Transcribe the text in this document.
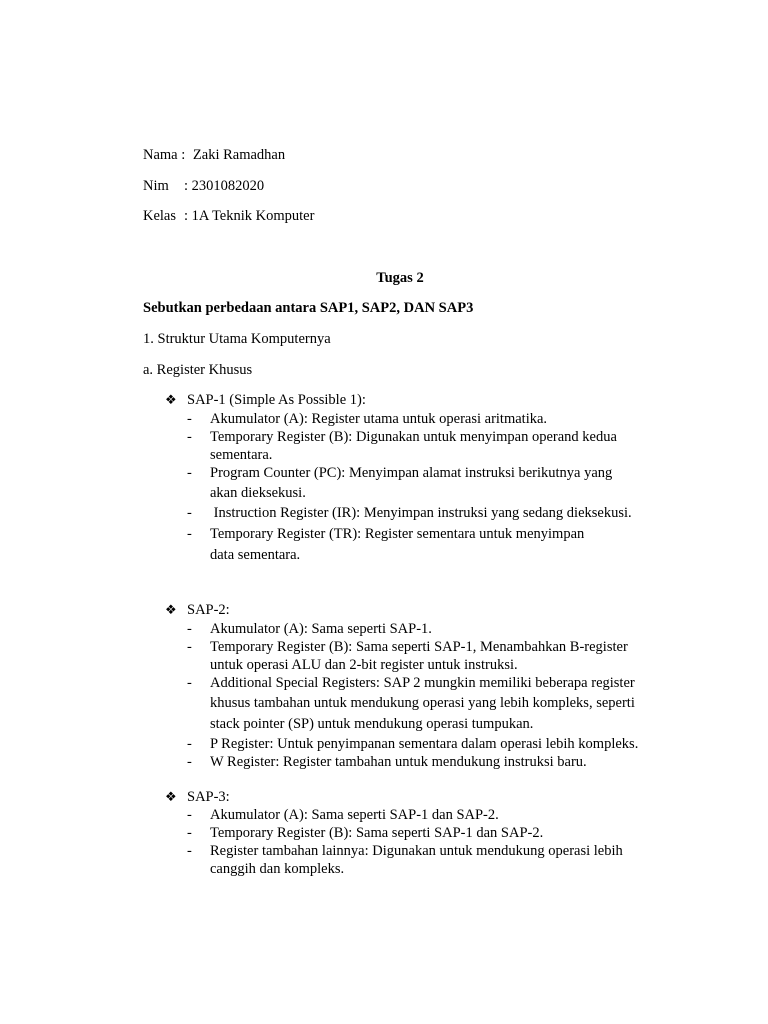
Nama : Zaki Ramadhan
Nim : 2301082020
Kelas : 1A Teknik Komputer
Tugas 2
Sebutkan perbedaan antara SAP1, SAP2, DAN SAP3
1. Struktur Utama Komputernya
a. Register Khusus
❖ SAP-1 (Simple As Possible 1):
- Akumulator (A): Register utama untuk operasi aritmatika.
- Temporary Register (B): Digunakan untuk menyimpan operand kedua
sementara.
- Program Counter (PC): Menyimpan alamat instruksi berikutnya yang
akan dieksekusi.
- Instruction Register (IR): Menyimpan instruksi yang sedang dieksekusi.
- Temporary Register (TR): Register sementara untuk menyimpan
data sementara.
❖ SAP-2:
- Akumulator (A): Sama seperti SAP-1.
- Temporary Register (B): Sama seperti SAP-1, Menambahkan B-register
untuk operasi ALU dan 2-bit register untuk instruksi.
- Additional Special Registers: SAP 2 mungkin memiliki beberapa register
khusus tambahan untuk mendukung operasi yang lebih kompleks, seperti
stack pointer (SP) untuk mendukung operasi tumpukan.
- P Register: Untuk penyimpanan sementara dalam operasi lebih kompleks.
- W Register: Register tambahan untuk mendukung instruksi baru.
❖ SAP-3:
- Akumulator (A): Sama seperti SAP-1 dan SAP-2.
- Temporary Register (B): Sama seperti SAP-1 dan SAP-2.
- Register tambahan lainnya: Digunakan untuk mendukung operasi lebih
canggih dan kompleks.
